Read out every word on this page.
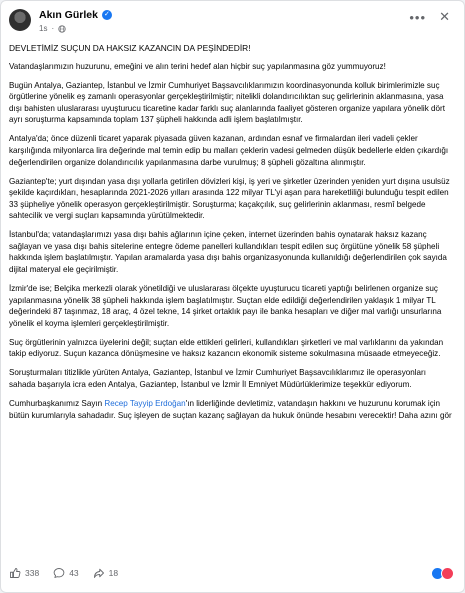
Akın Gürlek ✓
1s ·
••• ✕

DEVLETİMİZ SUÇUN DA HAKSIZ KAZANCIN DA PEŞİNDEDİR!

Vatandaşlarımızın huzurunu, emeğini ve alın terini hedef alan hiçbir suç yapılanmasına göz yummuyoruz!

Bugün Antalya, Gaziantep, İstanbul ve İzmir Cumhuriyet Başsavcılıklarımızın koordinasyonunda kolluk birimlerimizle suç örgütlerine yönelik eş zamanlı operasyonlar gerçekleştirilmiştir; nitelikli dolandırıcılıktan suç gelirlerinin aklanmasına, yasa dışı bahisten uluslararası uyuşturucu ticaretine kadar farklı suç alanlarında faaliyet gösteren organize yapılara yönelik dört ayrı soruşturma kapsamında toplam 137 şüpheli hakkında adli işlem başlatılmıştır.

Antalya'da; önce düzenli ticaret yaparak piyasada güven kazanan, ardından esnaf ve firmalardan ileri vadeli çekler karşılığında milyonlarca lira değerinde mal temin edip bu malları çeklerin vadesi gelmeden düşük bedellerle elden çıkardığı değerlendirilen organize dolandırıcılık yapılanmasına darbe vurulmuş; 8 şüpheli gözaltına alınmıştır.

Gaziantep'te; yurt dışından yasa dışı yollarla getirilen dövizleri kişi, iş yeri ve şirketler üzerinden yeniden yurt dışına usulsüz şekilde kaçırdıkları, hesaplarında 2021-2026 yılları arasında 122 milyar TL'yi aşan para hareketliliği bulunduğu tespit edilen 33 şüpheliye yönelik operasyon gerçekleştirilmiştir. Soruşturma; kaçakçılık, suç gelirlerinin aklanması, resmî belgede sahtecilik ve vergi suçları kapsamında yürütülmektedir.

İstanbul'da; vatandaşlarımızı yasa dışı bahis ağlarının içine çeken, internet üzerinden bahis oynatarak haksız kazanç sağlayan ve yasa dışı bahis sitelerine entegre ödeme panelleri kullandıkları tespit edilen suç örgütüne yönelik 58 şüpheli hakkında işlem başlatılmıştır. Yapılan aramalarda yasa dışı bahis organizasyonunda kullanıldığı değerlendirilen çok sayıda dijital materyal ele geçirilmiştir.

İzmir'de ise; Belçika merkezli olarak yönetildiği ve uluslararası ölçekte uyuşturucu ticareti yaptığı belirlenen organize suç yapılanmasına yönelik 38 şüpheli hakkında işlem başlatılmıştır. Suçtan elde edildiği değerlendirilen yaklaşık 1 milyar TL değerindeki 87 taşınmaz, 18 araç, 4 özel tekne, 14 şirket ortaklık payı ile banka hesapları ve diğer mal varlığı unsurlarına yönelik el koyma işlemleri gerçekleştirilmiştir.

Suç örgütlerinin yalnızca üyelerini değil; suçtan elde ettikleri gelirleri, kullandıkları şirketleri ve mal varlıklarını da yakından takip ediyoruz. Suçun kazanca dönüşmesine ve haksız kazancın ekonomik sisteme sokulmasına müsaade etmeyeceğiz.

Soruşturmaları titizlikle yürüten Antalya, Gaziantep, İstanbul ve İzmir Cumhuriyet Başsavcılıklarımız ile operasyonları sahada başarıyla icra eden Antalya, Gaziantep, İstanbul ve İzmir İl Emniyet Müdürlüklerimize teşekkür ediyorum.

Cumhurbaşkanımız Sayın Recep Tayyip Erdoğan'ın liderliğinde devletimiz, vatandaşın hakkını ve huzurunu korumak için bütün kurumlarıyla sahadadır. Suç işleyen de suçtan kazanç sağlayan da hukuk önünde hesabını verecektir! Daha azını gör

338	43	18
